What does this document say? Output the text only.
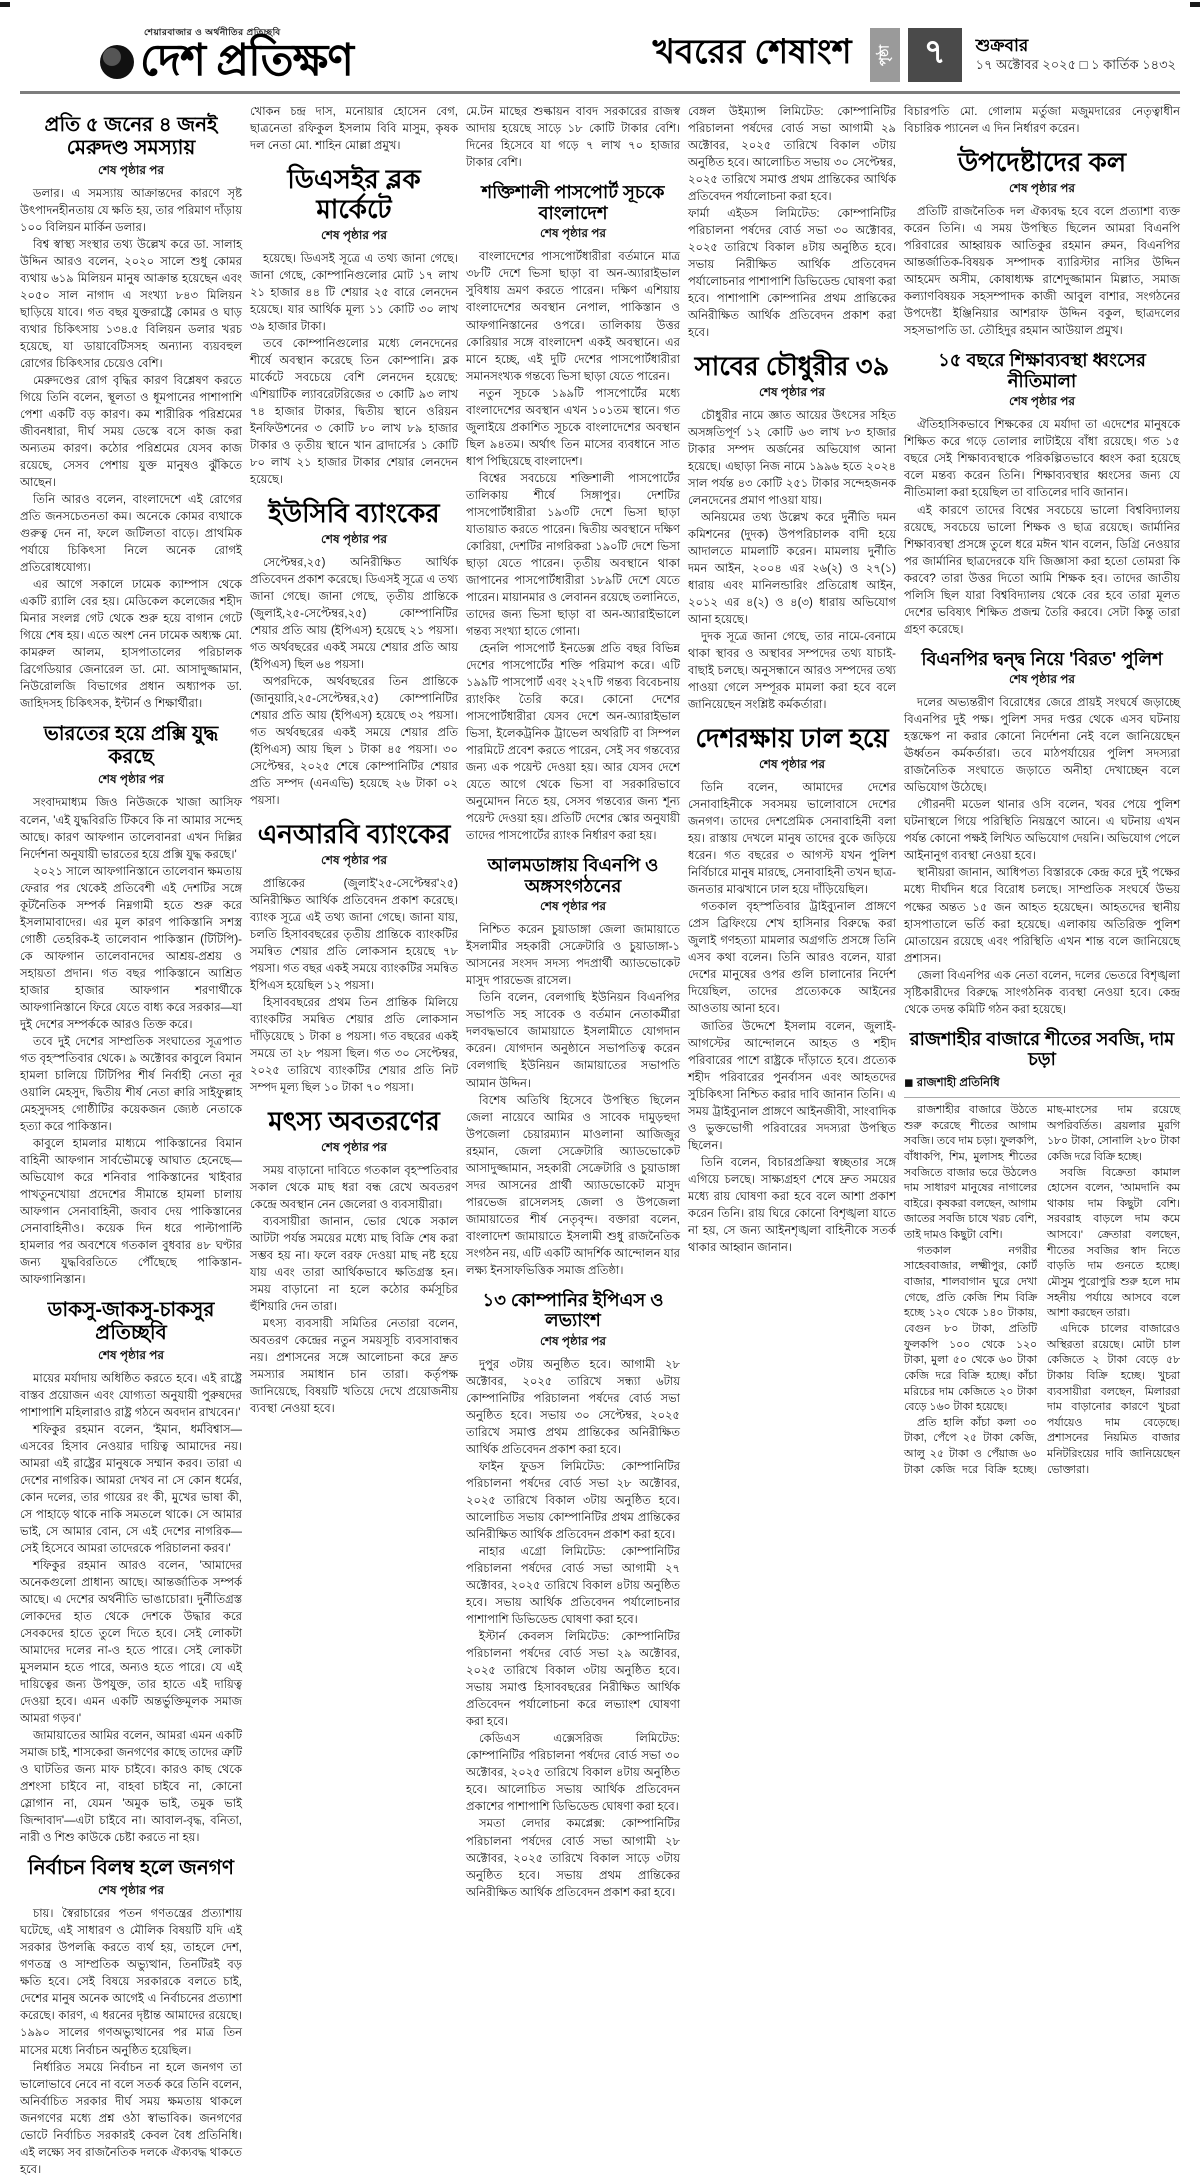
শেয়ারবাজার ও অর্থনীতির প্রতিচ্ছবি
দেশ প্রতিক্ষণ	খবরের শেষাংশ	পৃষ্ঠা ৭	শুক্রবার
১৭ অক্টোবর ২০২৫ □ ১ কার্তিক ১৪৩২
প্রতি ৫ জনের ৪ জনই মেরুদণ্ড সমস্যায়
শেষ পৃষ্ঠার পর

ডলার। এ সমস্যায় আক্রান্তদের কারণে সৃষ্ট উৎপাদনহীনতায় যে ক্ষতি হয়, তার পরিমাণ দাঁড়ায় ১০০ বিলিয়ন মার্কিন ডলার।

বিশ্ব স্বাস্থ্য সংস্থার তথ্য উল্লেখ করে ডা. সালাহ উদ্দিন আরও বলেন, ২০২০ সালে শুধু কোমর ব্যথায় ৬১৯ মিলিয়ন মানুষ আক্রান্ত হয়েছেন এবং ২০৫০ সাল নাগাদ এ সংখ্যা ৮৪৩ মিলিয়ন ছাড়িয়ে যাবে। গত বছর যুক্তরাষ্ট্রে কোমর ও ঘাড় ব্যথার চিকিৎসায় ১৩৪.৫ বিলিয়ন ডলার খরচ হয়েছে, যা ডায়াবেটিসসহ অন্যান্য ব্যয়বহুল রোগের চিকিৎসার চেয়েও বেশি।

মেরুদণ্ডের রোগ বৃদ্ধির কারণ বিশ্লেষণ করতে গিয়ে তিনি বলেন, স্থূলতা ও ধূমপানের পাশাপাশি পেশা একটি বড় কারণ। কম শারীরিক পরিশ্রমের জীবনধারা, দীর্ঘ সময় ডেস্কে বসে কাজ করা অন্যতম কারণ। কঠোর পরিশ্রমের যেসব কাজ রয়েছে, সেসব পেশায় যুক্ত মানুষও ঝুঁকিতে আছেন।

তিনি আরও বলেন, বাংলাদেশে এই রোগের প্রতি জনসচেতনতা কম। অনেকে কোমর ব্যথাকে গুরুত্ব দেন না, ফলে জটিলতা বাড়ে। প্রাথমিক পর্যায়ে চিকিৎসা নিলে অনেক রোগই প্রতিরোধযোগ্য।

এর আগে সকালে ঢামেক ক্যাম্পাস থেকে একটি র‍্যালি বের হয়। মেডিকেল কলেজের শহীদ মিনার সংলগ্ন গেট থেকে শুরু হয়ে বাগান গেটে গিয়ে শেষ হয়। এতে অংশ নেন ঢামেক অধ্যক্ষ মো. কামরুল আলম, হাসপাতালের পরিচালক ব্রিগেডিয়ার জেনারেল ডা. মো. আসাদুজ্জামান, নিউরোলজি বিভাগের প্রধান অধ্যাপক ডা. জাহিদসহ চিকিৎসক, ইন্টার্ন ও শিক্ষার্থীরা।

ভারতের হয়ে প্রক্সি যুদ্ধ করছে
শেষ পৃষ্ঠার পর

সংবাদমাধ্যম জিও নিউজকে খাজা আসিফ বলেন, 'এই যুদ্ধবিরতি টিকবে কি না আমার সন্দেহ আছে। কারণ আফগান তালেবানরা এখন দিল্লির নির্দেশনা অনুযায়ী ভারতের হয়ে প্রক্সি যুদ্ধ করছে।'

২০২১ সালে আফগানিস্তানে তালেবান ক্ষমতায় ফেরার পর থেকেই প্রতিবেশী এই দেশটির সঙ্গে কূটনৈতিক সম্পর্ক নিম্নগামী হতে শুরু করে ইসলামাবাদের। এর মূল কারণ পাকিস্তানি সশস্ত্র গোষ্ঠী তেহরিক-ই তালেবান পাকিস্তান (টিটিপি)-কে আফগান তালেবানদের আশ্রয়-প্রশ্রয় ও সহায়তা প্রদান। গত বছর পাকিস্তানে আশ্রিত হাজার হাজার আফগান শরণার্থীকে আফগানিস্তানে ফিরে যেতে বাধ্য করে সরকার—যা দুই দেশের সম্পর্ককে আরও তিক্ত করে।

তবে দুই দেশের সাম্প্রতিক সংঘাতের সূত্রপাত গত বৃহস্পতিবার থেকে। ৯ অক্টোবর কাবুলে বিমান হামলা চালিয়ে টিটিপির শীর্ষ নির্বাহী নেতা নূর ওয়ালি মেহসুদ, দ্বিতীয় শীর্ষ নেতা ক্বারি সাইফুল্লাহ মেহসুদসহ গোষ্ঠীটির কয়েকজন জ্যেষ্ঠ নেতাকে হত্যা করে পাকিস্তান।

কাবুলে হামলার মাধ্যমে পাকিস্তানের বিমান বাহিনী আফগান সার্বভৌমত্বে আঘাত হেনেছে—অভিযোগ করে শনিবার পাকিস্তানের খাইবার পাখতুনখোয়া প্রদেশের সীমান্তে হামলা চালায় আফগান সেনাবাহিনী, জবাব দেয় পাকিস্তানের সেনাবাহিনীও। কয়েক দিন ধরে পাল্টাপাল্টি হামলার পর অবশেষে গতকাল বুধবার ৪৮ ঘণ্টার জন্য যুদ্ধবিরতিতে পৌঁছেছে পাকিস্তান-আফগানিস্তান।

ডাকসু-জাকসু-চাকসুর প্রতিচ্ছবি
শেষ পৃষ্ঠার পর

মায়ের মর্যাদায় অধিষ্ঠিত করতে হবে। এই রাষ্ট্রে বাস্তব প্রয়োজন এবং যোগ্যতা অনুযায়ী পুরুষদের পাশাপাশি মহিলারাও রাষ্ট্র গঠনে অবদান রাখবেন।'

শফিকুর রহমান বলেন, 'ইমান, ধর্মবিশ্বাস—এসবের হিসাব নেওয়ার দায়িত্ব আমাদের নয়। আমরা এই রাষ্ট্রের মানুষকে সম্মান করব। তারা এ দেশের নাগরিক। আমরা দেখব না সে কোন ধর্মের, কোন দলের, তার গায়ের রং কী, মুখের ভাষা কী, সে পাহাড়ে থাকে নাকি সমতলে থাকে। সে আমার ভাই, সে আমার বোন, সে এই দেশের নাগরিক—সেই হিসেবে আমরা তাদেরকে পরিচালনা করব।'

শফিকুর রহমান আরও বলেন, 'আমাদের অনেকগুলো প্রাধান্য আছে। আন্তর্জাতিক সম্পর্ক আছে। এ দেশের অর্থনীতি ভাঙাচোরা। দুর্নীতিগ্রস্ত লোকদের হাত থেকে দেশকে উদ্ধার করে সেবকদের হাতে তুলে দিতে হবে। সেই লোকটা আমাদের দলের না-ও হতে পারে। সেই লোকটা মুসলমান হতে পারে, অন্যও হতে পারে। যে এই দায়িত্বের জন্য উপযুক্ত, তার হাতে এই দায়িত্ব দেওয়া হবে। এমন একটি অন্তর্ভুক্তিমূলক সমাজ আমরা গড়ব।'

জামায়াতের আমির বলেন, আমরা এমন একটি সমাজ চাই, শাসকেরা জনগণের কাছে তাদের ত্রুটি ও ঘাটতির জন্য মাফ চাইবে। কারও কাছ থেকে প্রশংসা চাইবে না, বাহবা চাইবে না, কোনো স্লোগান না, যেমন 'অমুক ভাই, তমুক ভাই জিন্দাবাদ'—এটা চাইবে না। আবাল-বৃদ্ধ, বনিতা, নারী ও শিশু কাউকে চেষ্টা করতে না হয়।

নির্বাচন বিলম্ব হলে জনগণ
শেষ পৃষ্ঠার পর

চায়। স্বৈরাচারের পতন গণতন্ত্রের প্রত্যাশায় ঘটেছে, এই সাধারণ ও মৌলিক বিষয়টি যদি এই সরকার উপলব্ধি করতে ব্যর্থ হয়, তাহলে দেশ, গণতন্ত্র ও সাম্প্রতিক অভ্যুত্থান, তিনটিরই বড় ক্ষতি হবে। সেই বিষয়ে সরকারকে বলতে চাই, দেশের মানুষ অনেক আগেই এ নির্বাচনের প্রত্যাশা করেছে। কারণ, এ ধরনের দৃষ্টান্ত আমাদের রয়েছে। ১৯৯০ সালের গণঅভ্যুত্থানের পর মাত্র তিন মাসের মধ্যে নির্বাচন অনুষ্ঠিত হয়েছিল।

নির্ধারিত সময়ে নির্বাচন না হলে জনগণ তা ভালোভাবে নেবে না বলে সতর্ক করে তিনি বলেন, অনির্বাচিত সরকার দীর্ঘ সময় ক্ষমতায় থাকলে জনগণের মধ্যে প্রশ্ন ওঠা স্বাভাবিক। জনগণের ভোটে নির্বাচিত সরকারই কেবল বৈধ প্রতিনিধি। এই লক্ষ্যে সব রাজনৈতিক দলকে ঐক্যবদ্ধ থাকতে হবে।

খোকন চন্দ্র দাস, মনোয়ার হোসেন বেগ, ছাত্রনেতা রফিকুল ইসলাম বিবি মাসুম, কৃষক দল নেতা মো. শাহিন মোল্লা প্রমুখ।

ডিএসইর ব্লক মার্কেটে
শেষ পৃষ্ঠার পর

হয়েছে। ডিএসই সূত্রে এ তথ্য জানা গেছে। জানা গেছে, কোম্পানিগুলোর মোট ১৭ লাখ ২১ হাজার ৪৪ টি শেয়ার ২৫ বারে লেনদেন হয়েছে। যার আর্থিক মূল্য ১১ কোটি ৩০ লাখ ৩৯ হাজার টাকা।

তবে কোম্পানিগুলোর মধ্যে লেনদেনের শীর্ষে অবস্থান করেছে তিন কোম্পানি। ব্লক মার্কেটে সবচেয়ে বেশি লেনদেন হয়েছে: এশিয়াটিক ল্যাবরেটরিজের ৩ কোটি ৯৩ লাখ ৭৪ হাজার টাকার, দ্বিতীয় স্থানে ওরিয়ন ইনফিউশনের ৩ কোটি ৮০ লাখ ৮৯ হাজার টাকার ও তৃতীয় স্থানে খান ব্রাদার্সের ১ কোটি ৮০ লাখ ২১ হাজার টাকার শেয়ার লেনদেন হয়েছে।

ইউসিবি ব্যাংকের
শেষ পৃষ্ঠার পর

সেপ্টেম্বর,২৫) অনিরীক্ষিত আর্থিক প্রতিবেদন প্রকাশ করেছে। ডিএসই সূত্রে এ তথ্য জানা গেছে। জানা গেছে, তৃতীয় প্রান্তিকে (জুলাই,২৫-সেপ্টেম্বর,২৫) কোম্পানিটির শেয়ার প্রতি আয় (ইপিএস) হয়েছে ২১ পয়সা। গত অর্থবছরের একই সময়ে শেয়ার প্রতি আয় (ইপিএস) ছিল ৬৪ পয়সা।

অপরদিকে, অর্থবছরের তিন প্রান্তিকে (জানুয়ারি,২৫-সেপ্টেম্বর,২৫) কোম্পানিটির শেয়ার প্রতি আয় (ইপিএস) হয়েছে ৩২ পয়সা। গত অর্থবছরের একই সময়ে শেয়ার প্রতি (ইপিএস) আয় ছিল ১ টাকা ৪৫ পয়সা। ৩০ সেপ্টেম্বর, ২০২৫ শেষে কোম্পানিটির শেয়ার প্রতি সম্পদ (এনএভি) হয়েছে ২৬ টাকা ০২ পয়সা।

এনআরবি ব্যাংকের
শেষ পৃষ্ঠার পর

প্রান্তিকের (জুলাই'২৫-সেপ্টেম্বর'২৫) অনিরীক্ষিত আর্থিক প্রতিবেদন প্রকাশ করেছে। ব্যাংক সূত্রে এই তথ্য জানা গেছে। জানা যায়, চলতি হিসাববছরের তৃতীয় প্রান্তিকে ব্যাংকটির সমন্বিত শেয়ার প্রতি লোকসান হয়েছে ৭৮ পয়সা। গত বছর একই সময়ে ব্যাংকটির সমন্বিত ইপিএস হয়েছিল ১২ পয়সা।

হিসাববছরের প্রথম তিন প্রান্তিক মিলিয়ে ব্যাংকটির সমন্বিত শেয়ার প্রতি লোকসান দাঁড়িয়েছে ১ টাকা ৪ পয়সা। গত বছরের একই সময়ে তা ২৮ পয়সা ছিল। গত ৩০ সেপ্টেম্বর, ২০২৫ তারিখে ব্যাংকটির শেয়ার প্রতি নিট সম্পদ মূল্য ছিল ১০ টাকা ৭০ পয়সা।

মৎস্য অবতরণের
শেষ পৃষ্ঠার পর

সময় বাড়ানো দাবিতে গতকাল বৃহস্পতিবার সকাল থেকে মাছ ধরা বন্ধ রেখে অবতরণ কেন্দ্রে অবস্থান নেন জেলেরা ও ব্যবসায়ীরা।

ব্যবসায়ীরা জানান, ভোর থেকে সকাল আটটা পর্যন্ত সময়ের মধ্যে মাছ বিক্রি শেষ করা সম্ভব হয় না। ফলে বরফ দেওয়া মাছ নষ্ট হয়ে যায় এবং তারা আর্থিকভাবে ক্ষতিগ্রস্ত হন। সময় বাড়ানো না হলে কঠোর কর্মসূচির হুঁশিয়ারি দেন তারা।

মৎস্য ব্যবসায়ী সমিতির নেতারা বলেন, অবতরণ কেন্দ্রের নতুন সময়সূচি ব্যবসাবান্ধব নয়। প্রশাসনের সঙ্গে আলোচনা করে দ্রুত সমস্যার সমাধান চান তারা। কর্তৃপক্ষ জানিয়েছে, বিষয়টি খতিয়ে দেখে প্রয়োজনীয় ব্যবস্থা নেওয়া হবে।

মে.টন মাছের শুল্কায়ন বাবদ সরকারের রাজস্ব আদায় হয়েছে সাড়ে ১৮ কোটি টাকার বেশি। দিনের হিসেবে যা গড়ে ৭ লাখ ৭০ হাজার টাকার বেশি।

শক্তিশালী পাসপোর্ট সূচকে বাংলাদেশ
শেষ পৃষ্ঠার পর

বাংলাদেশের পাসপোর্টধারীরা বর্তমানে মাত্র ৩৮টি দেশে ভিসা ছাড়া বা অন-অ্যারাইভাল সুবিধায় ভ্রমণ করতে পারেন। দক্ষিণ এশিয়ায় বাংলাদেশের অবস্থান নেপাল, পাকিস্তান ও আফগানিস্তানের ওপরে। তালিকায় উত্তর কোরিয়ার সঙ্গে বাংলাদেশ একই অবস্থানে। এর মানে হচ্ছে, এই দুটি দেশের পাসপোর্টধারীরা সমানসংখ্যক গন্তব্যে ভিসা ছাড়া যেতে পারেন।

নতুন সূচকে ১৯৯টি পাসপোর্টের মধ্যে বাংলাদেশের অবস্থান এখন ১০১তম স্থানে। গত জুলাইয়ে প্রকাশিত সূচকে বাংলাদেশের অবস্থান ছিল ৯৪তম। অর্থাৎ তিন মাসের ব্যবধানে সাত ধাপ পিছিয়েছে বাংলাদেশ।

বিশ্বের সবচেয়ে শক্তিশালী পাসপোর্টের তালিকায় শীর্ষে সিঙ্গাপুর। দেশটির পাসপোর্টধারীরা ১৯৩টি দেশে ভিসা ছাড়া যাতায়াত করতে পারেন। দ্বিতীয় অবস্থানে দক্ষিণ কোরিয়া, দেশটির নাগরিকরা ১৯০টি দেশে ভিসা ছাড়া যেতে পারেন। তৃতীয় অবস্থানে থাকা জাপানের পাসপোর্টধারীরা ১৮৯টি দেশে যেতে পারেন। মায়ানমার ও লেবানন রয়েছে তলানিতে, তাদের জন্য ভিসা ছাড়া বা অন-অ্যারাইভালে গন্তব্য সংখ্যা হাতে গোনা।

হেনলি পাসপোর্ট ইনডেক্স প্রতি বছর বিভিন্ন দেশের পাসপোর্টের শক্তি পরিমাপ করে। এটি ১৯৯টি পাসপোর্ট এবং ২২৭টি গন্তব্য বিবেচনায় র‍্যাংকিং তৈরি করে। কোনো দেশের পাসপোর্টধারীরা যেসব দেশে অন-অ্যারাইভাল ভিসা, ইলেকট্রনিক ট্রাভেল অথরিটি বা সিম্পল পারমিটে প্রবেশ করতে পারেন, সেই সব গন্তব্যের জন্য এক পয়েন্ট দেওয়া হয়। আর যেসব দেশে যেতে আগে থেকে ভিসা বা সরকারিভাবে অনুমোদন নিতে হয়, সেসব গন্তব্যের জন্য শূন্য পয়েন্ট দেওয়া হয়। প্রতিটি দেশের স্কোর অনুযায়ী তাদের পাসপোর্টের র‍্যাংক নির্ধারণ করা হয়।

আলমডাঙ্গায় বিএনপি ও অঙ্গসংগঠনের
শেষ পৃষ্ঠার পর

নিশ্চিত করেন চুয়াডাঙ্গা জেলা জামায়াতে ইসলামীর সহকারী সেক্রেটারি ও চুয়াডাঙ্গা-১ আসনের সংসদ সদস্য পদপ্রার্থী অ্যাডভোকেট মাসুদ পারভেজ রাসেল।

তিনি বলেন, বেলগাছি ইউনিয়ন বিএনপির সভাপতি সহ সাবেক ও বর্তমান নেতাকর্মীরা দলবদ্ধভাবে জামায়াতে ইসলামীতে যোগদান করেন। যোগদান অনুষ্ঠানে সভাপতিত্ব করেন বেলগাছি ইউনিয়ন জামায়াতের সভাপতি আমান উদ্দিন।

বিশেষ অতিথি হিসেবে উপস্থিত ছিলেন জেলা নায়েবে আমির ও সাবেক দামুড়হুদা উপজেলা চেয়ারম্যান মাওলানা আজিজুর রহমান, জেলা সেক্রেটারি অ্যাডভোকেট আসাদুজ্জামান, সহকারী সেক্রেটারি ও চুয়াডাঙ্গা সদর আসনের প্রার্থী অ্যাডভোকেট মাসুদ পারভেজ রাসেলসহ জেলা ও উপজেলা জামায়াতের শীর্ষ নেতৃবৃন্দ। বক্তারা বলেন, বাংলাদেশ জামায়াতে ইসলামী শুধু রাজনৈতিক সংগঠন নয়, এটি একটি আদর্শিক আন্দোলন যার লক্ষ্য ইনসাফভিত্তিক সমাজ প্রতিষ্ঠা।

১৩ কোম্পানির ইপিএস ও লভ্যাংশ
শেষ পৃষ্ঠার পর

দুপুর ৩টায় অনুষ্ঠিত হবে। আগামী ২৮ অক্টোবর, ২০২৫ তারিখে সন্ধ্যা ৬টায় কোম্পানিটির পরিচালনা পর্ষদের বোর্ড সভা অনুষ্ঠিত হবে। সভায় ৩০ সেপ্টেম্বর, ২০২৫ তারিখে সমাপ্ত প্রথম প্রান্তিকের অনিরীক্ষিত আর্থিক প্রতিবেদন প্রকাশ করা হবে।

ফাইন ফুডস লিমিটেড: কোম্পানিটির পরিচালনা পর্ষদের বোর্ড সভা ২৮ অক্টোবর, ২০২৫ তারিখে বিকাল ৩টায় অনুষ্ঠিত হবে। আলোচিত সভায় কোম্পানিটির প্রথম প্রান্তিকের অনিরীক্ষিত আর্থিক প্রতিবেদন প্রকাশ করা হবে।

নাহার এগ্রো লিমিটেড: কোম্পানিটির পরিচালনা পর্ষদের বোর্ড সভা আগামী ২৭ অক্টোবর, ২০২৫ তারিখে বিকাল ৪টায় অনুষ্ঠিত হবে। সভায় আর্থিক প্রতিবেদন পর্যালোচনার পাশাপাশি ডিভিডেন্ড ঘোষণা করা হবে।

ইস্টার্ন কেবলস লিমিটেড: কোম্পানিটির পরিচালনা পর্ষদের বোর্ড সভা ২৯ অক্টোবর, ২০২৫ তারিখে বিকাল ৩টায় অনুষ্ঠিত হবে। সভায় সমাপ্ত হিসাববছরের নিরীক্ষিত আর্থিক প্রতিবেদন পর্যালোচনা করে লভ্যাংশ ঘোষণা করা হবে।

কেডিএস এক্সেসরিজ লিমিটেড: কোম্পানিটির পরিচালনা পর্ষদের বোর্ড সভা ৩০ অক্টোবর, ২০২৫ তারিখে বিকাল ৪টায় অনুষ্ঠিত হবে। আলোচিত সভায় আর্থিক প্রতিবেদন প্রকাশের পাশাপাশি ডিভিডেন্ড ঘোষণা করা হবে।

সমতা লেদার কমপ্লেক্স: কোম্পানিটির পরিচালনা পর্ষদের বোর্ড সভা আগামী ২৮ অক্টোবর, ২০২৫ তারিখে বিকাল সাড়ে ৩টায় অনুষ্ঠিত হবে। সভায় প্রথম প্রান্তিকের অনিরীক্ষিত আর্থিক প্রতিবেদন প্রকাশ করা হবে।

বেঙ্গল উইম্যান্স লিমিটেড: কোম্পানিটির পরিচালনা পর্ষদের বোর্ড সভা আগামী ২৯ অক্টোবর, ২০২৫ তারিখে বিকাল ৩টায় অনুষ্ঠিত হবে। আলোচিত সভায় ৩০ সেপ্টেম্বর, ২০২৫ তারিখে সমাপ্ত প্রথম প্রান্তিকের আর্থিক প্রতিবেদন পর্যালোচনা করা হবে।

ফার্মা এইডস লিমিটেড: কোম্পানিটির পরিচালনা পর্ষদের বোর্ড সভা ৩০ অক্টোবর, ২০২৫ তারিখে বিকাল ৪টায় অনুষ্ঠিত হবে। সভায় নিরীক্ষিত আর্থিক প্রতিবেদন পর্যালোচনার পাশাপাশি ডিভিডেন্ড ঘোষণা করা হবে। পাশাপাশি কোম্পানির প্রথম প্রান্তিকের অনিরীক্ষিত আর্থিক প্রতিবেদন প্রকাশ করা হবে।

সাবের চৌধুরীর ৩৯
শেষ পৃষ্ঠার পর

চৌধুরীর নামে জ্ঞাত আয়ের উৎসের সহিত অসঙ্গতিপূর্ণ ১২ কোটি ৬৩ লাখ ৮৩ হাজার টাকার সম্পদ অর্জনের অভিযোগ আনা হয়েছে। এছাড়া নিজ নামে ১৯৯৬ হতে ২০২৪ সাল পর্যন্ত ৪৩ কোটি ২৫১ টাকার সন্দেহজনক লেনদেনের প্রমাণ পাওয়া যায়।

অনিয়মের তথ্য উল্লেখ করে দুর্নীতি দমন কমিশনের (দুদক) উপপরিচালক বাদী হয়ে আদালতে মামলাটি করেন। মামলায় দুর্নীতি দমন আইন, ২০০৪ এর ২৬(২) ও ২৭(১) ধারায় এবং মানিলন্ডারিং প্রতিরোধ আইন, ২০১২ এর ৪(২) ও ৪(৩) ধারায় অভিযোগ আনা হয়েছে।

দুদক সূত্রে জানা গেছে, তার নামে-বেনামে থাকা স্থাবর ও অস্থাবর সম্পদের তথ্য যাচাই-বাছাই চলছে। অনুসন্ধানে আরও সম্পদের তথ্য পাওয়া গেলে সম্পূরক মামলা করা হবে বলে জানিয়েছেন সংশ্লিষ্ট কর্মকর্তারা।

দেশরক্ষায় ঢাল হয়ে
শেষ পৃষ্ঠার পর

তিনি বলেন, আমাদের দেশের সেনাবাহিনীকে সবসময় ভালোবাসে দেশের জনগণ। তাদের দেশপ্রেমিক সেনাবাহিনী বলা হয়। রাস্তায় দেখলে মানুষ তাদের বুকে জড়িয়ে ধরেন। গত বছরের ৩ আগস্ট যখন পুলিশ নির্বিচারে মানুষ মারছে, সেনাবাহিনী তখন ছাত্র-জনতার মাঝখানে ঢাল হয়ে দাঁড়িয়েছিল।

গতকাল বৃহস্পতিবার ট্রাইব্যুনাল প্রাঙ্গণে প্রেস ব্রিফিংয়ে শেখ হাসিনার বিরুদ্ধে করা জুলাই গণহত্যা মামলার অগ্রগতি প্রসঙ্গে তিনি এসব কথা বলেন। তিনি আরও বলেন, যারা দেশের মানুষের ওপর গুলি চালানোর নির্দেশ দিয়েছিল, তাদের প্রত্যেককে আইনের আওতায় আনা হবে।

জাতির উদ্দেশে ইসলাম বলেন, জুলাই-আগস্টের আন্দোলনে আহত ও শহীদ পরিবারের পাশে রাষ্ট্রকে দাঁড়াতে হবে। প্রত্যেক শহীদ পরিবারের পুনর্বাসন এবং আহতদের সুচিকিৎসা নিশ্চিত করার দাবি জানান তিনি। এ সময় ট্রাইব্যুনাল প্রাঙ্গণে আইনজীবী, সাংবাদিক ও ভুক্তভোগী পরিবারের সদস্যরা উপস্থিত ছিলেন।

তিনি বলেন, বিচারপ্রক্রিয়া স্বচ্ছতার সঙ্গে এগিয়ে চলছে। সাক্ষ্যগ্রহণ শেষে দ্রুত সময়ের মধ্যে রায় ঘোষণা করা হবে বলে আশা প্রকাশ করেন তিনি। রায় ঘিরে কোনো বিশৃঙ্খলা যাতে না হয়, সে জন্য আইনশৃঙ্খলা বাহিনীকে সতর্ক থাকার আহ্বান জানান।

বিচারপতি মো. গোলাম মর্তুজা মজুমদারের নেতৃত্বাধীন বিচারিক প্যানেল এ দিন নির্ধারণ করেন।

উপদেষ্টাদের কল
শেষ পৃষ্ঠার পর

প্রতিটি রাজনৈতিক দল ঐক্যবদ্ধ হবে বলে প্রত্যাশা ব্যক্ত করেন তিনি। এ সময় উপস্থিত ছিলেন আমরা বিএনপি পরিবারের আহ্বায়ক আতিকুর রহমান রুমন, বিএনপির আন্তর্জাতিক-বিষয়ক সম্পাদক ব্যারিস্টার নাসির উদ্দিন আহমেদ অসীম, কোষাধ্যক্ষ রাশেদুজ্জামান মিল্লাত, সমাজ কল্যাণবিষয়ক সহসম্পাদক কাজী আবুল বাশার, সংগঠনের উপদেষ্টা ইঞ্জিনিয়ার আশরাফ উদ্দিন বকুল, ছাত্রদলের সহসভাপতি ডা. তৌহিদুর রহমান আউয়াল প্রমুখ।

১৫ বছরে শিক্ষাব্যবস্থা ধ্বংসের নীতিমালা
শেষ পৃষ্ঠার পর

ঐতিহাসিকভাবে শিক্ষকের যে মর্যাদা তা এদেশের মানুষকে শিক্ষিত করে গড়ে তোলার লাটাইয়ে বাঁধা রয়েছে। গত ১৫ বছরে সেই শিক্ষাব্যবস্থাকে পরিকল্পিতভাবে ধ্বংস করা হয়েছে বলে মন্তব্য করেন তিনি। শিক্ষাব্যবস্থার ধ্বংসের জন্য যে নীতিমালা করা হয়েছিল তা বাতিলের দাবি জানান।

এই কারণে তাদের বিশ্বের সবচেয়ে ভালো বিশ্ববিদ্যালয় রয়েছে, সবচেয়ে ভালো শিক্ষক ও ছাত্র রয়েছে। জার্মানির শিক্ষাব্যবস্থা প্রসঙ্গে তুলে ধরে মঈন খান বলেন, ডিগ্রি নেওয়ার পর জার্মানির ছাত্রদেরকে যদি জিজ্ঞাসা করা হতো তোমরা কি করবে? তারা উত্তর দিতো আমি শিক্ষক হব। তাদের জাতীয় পলিসি ছিল যারা বিশ্ববিদ্যালয় থেকে বের হবে তারা মূলত দেশের ভবিষ্যৎ শিক্ষিত প্রজন্ম তৈরি করবে। সেটা কিন্তু তারা গ্রহণ করেছে।

বিএনপির দ্বন্দ্ব নিয়ে 'বিরত' পুলিশ
শেষ পৃষ্ঠার পর

দলের অভ্যন্তরীণ বিরোধের জেরে প্রায়ই সংঘর্ষে জড়াচ্ছে বিএনপির দুই পক্ষ। পুলিশ সদর দপ্তর থেকে এসব ঘটনায় হস্তক্ষেপ না করার কোনো নির্দেশনা নেই বলে জানিয়েছেন ঊর্ধ্বতন কর্মকর্তারা। তবে মাঠপর্যায়ের পুলিশ সদস্যরা রাজনৈতিক সংঘাতে জড়াতে অনীহা দেখাচ্ছেন বলে অভিযোগ উঠেছে।

গৌরনদী মডেল থানার ওসি বলেন, খবর পেয়ে পুলিশ ঘটনাস্থলে গিয়ে পরিস্থিতি নিয়ন্ত্রণে আনে। এ ঘটনায় এখন পর্যন্ত কোনো পক্ষই লিখিত অভিযোগ দেয়নি। অভিযোগ পেলে আইনানুগ ব্যবস্থা নেওয়া হবে।

স্থানীয়রা জানান, আধিপত্য বিস্তারকে কেন্দ্র করে দুই পক্ষের মধ্যে দীর্ঘদিন ধরে বিরোধ চলছে। সাম্প্রতিক সংঘর্ষে উভয় পক্ষের অন্তত ১৫ জন আহত হয়েছেন। আহতদের স্থানীয় হাসপাতালে ভর্তি করা হয়েছে। এলাকায় অতিরিক্ত পুলিশ মোতায়েন রয়েছে এবং পরিস্থিতি এখন শান্ত বলে জানিয়েছে প্রশাসন।

জেলা বিএনপির এক নেতা বলেন, দলের ভেতরে বিশৃঙ্খলা সৃষ্টিকারীদের বিরুদ্ধে সাংগঠনিক ব্যবস্থা নেওয়া হবে। কেন্দ্র থেকে তদন্ত কমিটি গঠন করা হয়েছে।

রাজশাহীর বাজারে শীতের সবজি, দাম চড়া
◼ রাজশাহী প্রতিনিধি

রাজশাহীর বাজারে উঠতে শুরু করেছে শীতের আগাম সবজি। তবে দাম চড়া। ফুলকপি, বাঁধাকপি, শিম, মুলাসহ শীতের সবজিতে বাজার ভরে উঠলেও দাম সাধারণ মানুষের নাগালের বাইরে। কৃষকরা বলছেন, আগাম জাতের সবজি চাষে খরচ বেশি, তাই দামও কিছুটা বেশি।

গতকাল নগরীর সাহেববাজার, লক্ষ্মীপুর, কোর্ট বাজার, শালবাগান ঘুরে দেখা গেছে, প্রতি কেজি শিম বিক্রি হচ্ছে ১২০ থেকে ১৪০ টাকায়, বেগুন ৮০ টাকা, প্রতিটি ফুলকপি ১০০ থেকে ১২০ টাকা, মুলা ৫০ থেকে ৬০ টাকা কেজি দরে বিক্রি হচ্ছে। কাঁচা মরিচের দাম কেজিতে ২০ টাকা বেড়ে ১৬০ টাকা হয়েছে।

প্রতি হালি কাঁচা কলা ৩০ টাকা, পেঁপে ২৫ টাকা কেজি, আলু ২৫ টাকা ও পেঁয়াজ ৬০ টাকা কেজি দরে বিক্রি হচ্ছে। মাছ-মাংসের দাম রয়েছে অপরিবর্তিত। ব্রয়লার মুরগি ১৮০ টাকা, সোনালি ২৮০ টাকা কেজি দরে বিক্রি হচ্ছে।

সবজি বিক্রেতা কামাল হোসেন বলেন, 'আমদানি কম থাকায় দাম কিছুটা বেশি। সরবরাহ বাড়লে দাম কমে আসবে।' ক্রেতারা বলছেন, শীতের সবজির স্বাদ নিতে বাড়তি দাম গুনতে হচ্ছে। মৌসুম পুরোপুরি শুরু হলে দাম সহনীয় পর্যায়ে আসবে বলে আশা করছেন তারা।

এদিকে চালের বাজারেও অস্থিরতা রয়েছে। মোটা চাল কেজিতে ২ টাকা বেড়ে ৫৮ টাকায় বিক্রি হচ্ছে। খুচরা ব্যবসায়ীরা বলছেন, মিলাররা দাম বাড়ানোর কারণে খুচরা পর্যায়েও দাম বেড়েছে। প্রশাসনের নিয়মিত বাজার মনিটরিংয়ের দাবি জানিয়েছেন ভোক্তারা।
